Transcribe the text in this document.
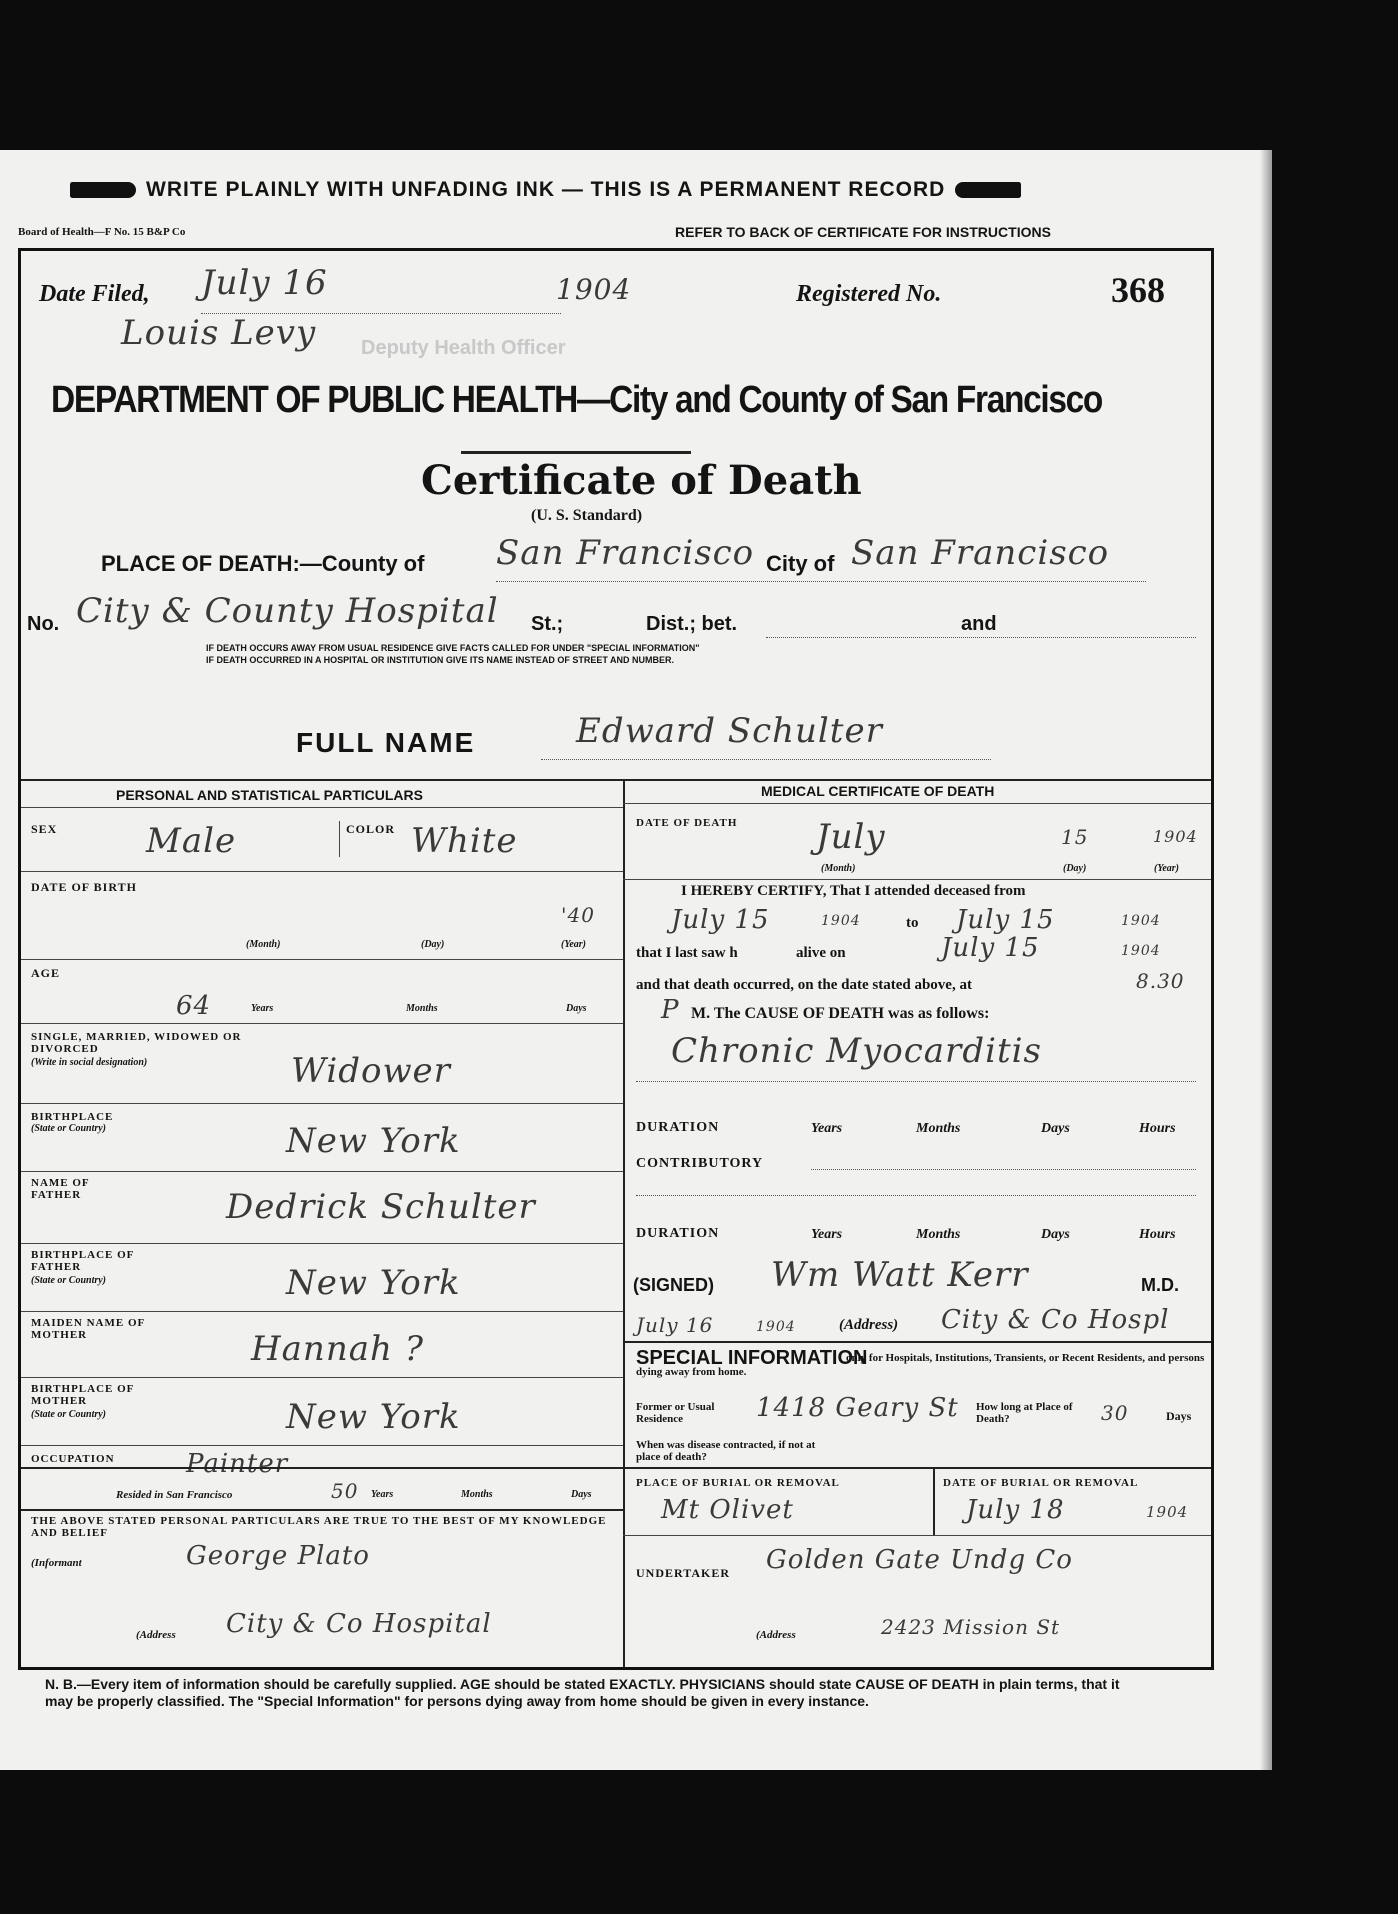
WRITE PLAINLY WITH UNFADING INK — THIS IS A PERMANENT RECORD
Board of Health—F No. 15 B&P Co	REFER TO BACK OF CERTIFICATE FOR INSTRUCTIONS
Date Filed, July 16	1904	Registered No.	368
Louis Levy Deputy Health Officer
DEPARTMENT OF PUBLIC HEALTH—City and County of San Francisco
Certificate of Death
(U. S. Standard)
PLACE OF DEATH:—County of San Francisco City of San Francisco
No. City & County Hospital St.;	Dist.; bet.	and
IF DEATH OCCURS AWAY FROM USUAL RESIDENCE GIVE FACTS CALLED FOR UNDER "SPECIAL INFORMATION"
IF DEATH OCCURRED IN A HOSPITAL OR INSTITUTION GIVE ITS NAME INSTEAD OF STREET AND NUMBER.
FULL NAME	Edward Schulter
PERSONAL AND STATISTICAL PARTICULARS
SEX	Male	COLOR White
DATE OF BIRTH
'40
(Month)	(Day)	(Year)
AGE
64	Years	Months	Days
SINGLE, MARRIED, WIDOWED OR DIVORCED
(Write in social designation)	Widower
BIRTHPLACE
(State or Country)	New York
NAME OF FATHER	Dedrick Schulter
BIRTHPLACE OF FATHER
(State or Country)	New York
MAIDEN NAME OF MOTHER	Hannah ?
BIRTHPLACE OF MOTHER
(State or Country)	New York
OCCUPATION	Painter
Resided in San Francisco	50 Years	Months	Days
THE ABOVE STATED PERSONAL PARTICULARS ARE TRUE TO THE BEST OF MY KNOWLEDGE AND BELIEF
(Informant	George Plato
(Address City & Co Hospital
MEDICAL CERTIFICATE OF DEATH
DATE OF DEATH July	15	1904
(Month)	(Day)	(Year)
I HEREBY CERTIFY, That I attended deceased from
July 15	1904	to July 15	1904
that I last saw h	alive on	July 15	1904
and that death occurred, on the date stated above, at	8.30
P M. The CAUSE OF DEATH was as follows:
Chronic Myocarditis
DURATION	Years	Months	Days	Hours
CONTRIBUTORY
DURATION	Years	Months	Days	Hours
(SIGNED) Wm Watt Kerr	M.D.
July 16	1904	(Address) City & Co Hospl
SPECIAL INFORMATION
only for Hospitals, Institutions, Transients, or Recent Residents, and persons dying away from home.
Former or Usual Residence	1418 Geary St How long at Place of Death?	30	Days
When was disease contracted, if not at place of death?
PLACE OF BURIAL OR REMOVAL	DATE OF BURIAL OR REMOVAL
Mt Olivet	July 18	1904
UNDERTAKER Golden Gate Undg Co
(Address	2423 Mission St
N. B.—Every item of information should be carefully supplied. AGE should be stated EXACTLY. PHYSICIANS should state CAUSE OF DEATH in plain terms, that it may be properly classified. The "Special Information" for persons dying away from home should be given in every instance.
